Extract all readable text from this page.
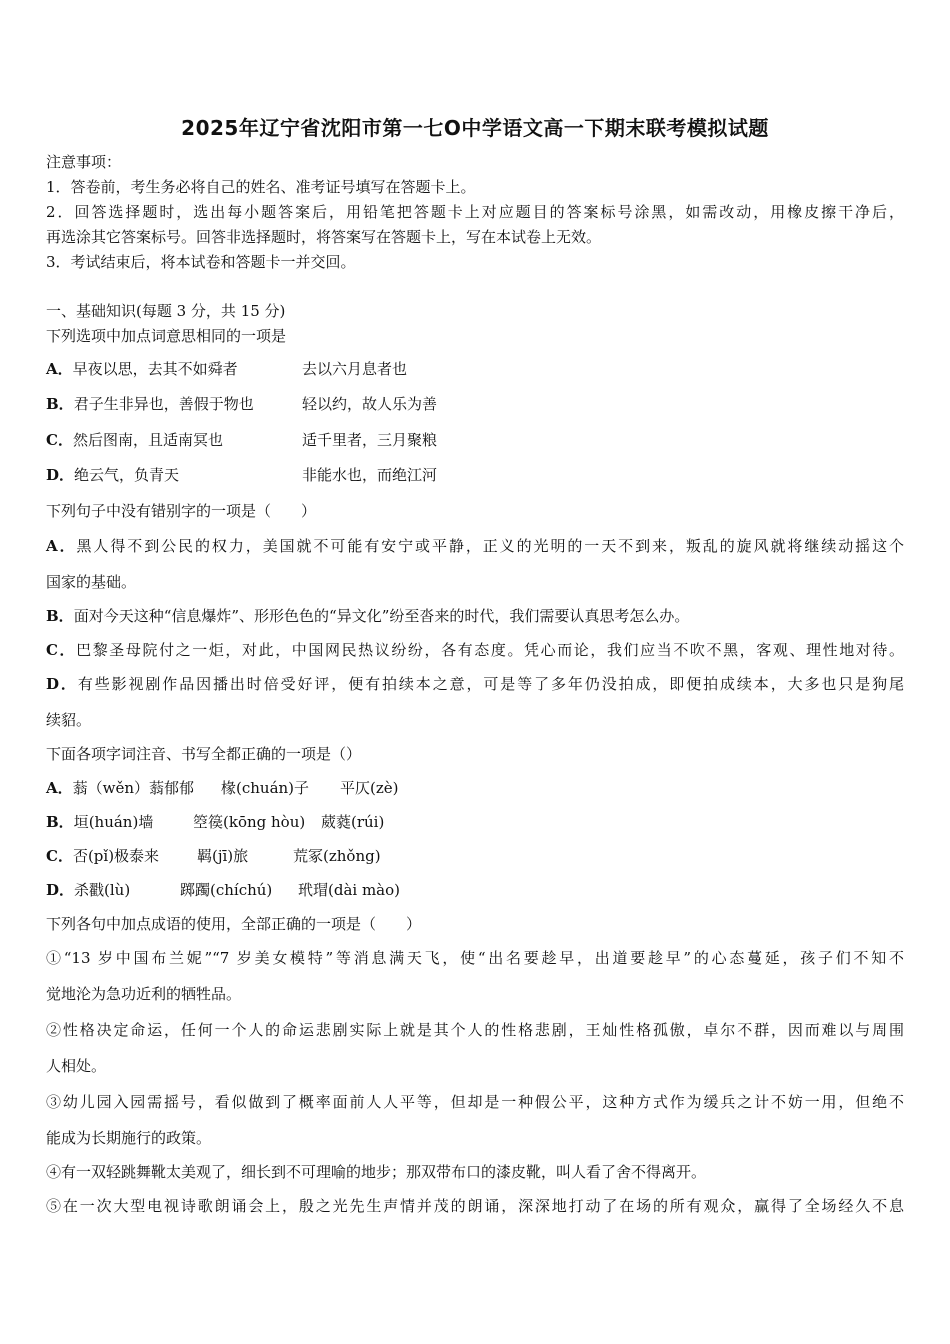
2025年辽宁省沈阳市第一七O中学语文高一下期末联考模拟试题
注意事项：
1．答卷前，考生务必将自己的姓名、准考证号填写在答题卡上。
2．回答选择题时，选出每小题答案后，用铅笔把答题卡上对应题目的答案标号涂黑，如需改动，用橡皮擦干净后，
再选涂其它答案标号。回答非选择题时，将答案写在答题卡上，写在本试卷上无效。
3．考试结束后，将本试卷和答题卡一并交回。
一、基础知识(每题 3 分，共 15 分)
下列选项中加点词意思相同的一项是
A．早夜以思，去其不如舜者	去以六月息者也
B．君子生非异也，善假于物也	轻以约，故人乐为善
C．然后图南，且适南冥也	适千里者，三月聚粮
D．绝云气，负青天	非能水也，而绝江河
下列句子中没有错别字的一项是（　　）
A．黑人得不到公民的权力，美国就不可能有安宁或平静，正义的光明的一天不到来，叛乱的旋风就将继续动摇这个
国家的基础。
B．面对今天这种“信息爆炸”、形形色色的“异文化”纷至沓来的时代，我们需要认真思考怎么办。
C．巴黎圣母院付之一炬，对此，中国网民热议纷纷，各有态度。凭心而论，我们应当不吹不黑，客观、理性地对待。
D．有些影视剧作品因播出时倍受好评，便有拍续本之意，可是等了多年仍没拍成，即便拍成续本，大多也只是狗尾
续貂。
下面各项字词注音、书写全都正确的一项是（）
A．蓊（wěn）蓊郁郁 椽(chuán)子 平仄(zè)
B．垣(huán)墙	箜篌(kōng hòu) 葳蕤(rúi)
C．否(pǐ)极泰来	羁(jī)旅	荒冢(zhǒng)
D．杀戳(lù)	踯躅(chíchú) 玳瑁(dài mào)
下列各句中加点成语的使用，全部正确的一项是（　　）
①“13 岁中国布兰妮”“7 岁美女模特”等消息满天飞，使“出名要趁早，出道要趁早”的心态蔓延，孩子们不知不
觉地沦为急功近利的牺牲品。
②性格决定命运，任何一个人的命运悲剧实际上就是其个人的性格悲剧，王灿性格孤傲，卓尔不群，因而难以与周围
人相处。
③幼儿园入园需摇号，看似做到了概率面前人人平等，但却是一种假公平，这种方式作为缓兵之计不妨一用，但绝不
能成为长期施行的政策。
④有一双轻跳舞靴太美观了，细长到不可理喻的地步；那双带布口的漆皮靴，叫人看了舍不得离开。
⑤在一次大型电视诗歌朗诵会上，殷之光先生声情并茂的朗诵，深深地打动了在场的所有观众，赢得了全场经久不息
